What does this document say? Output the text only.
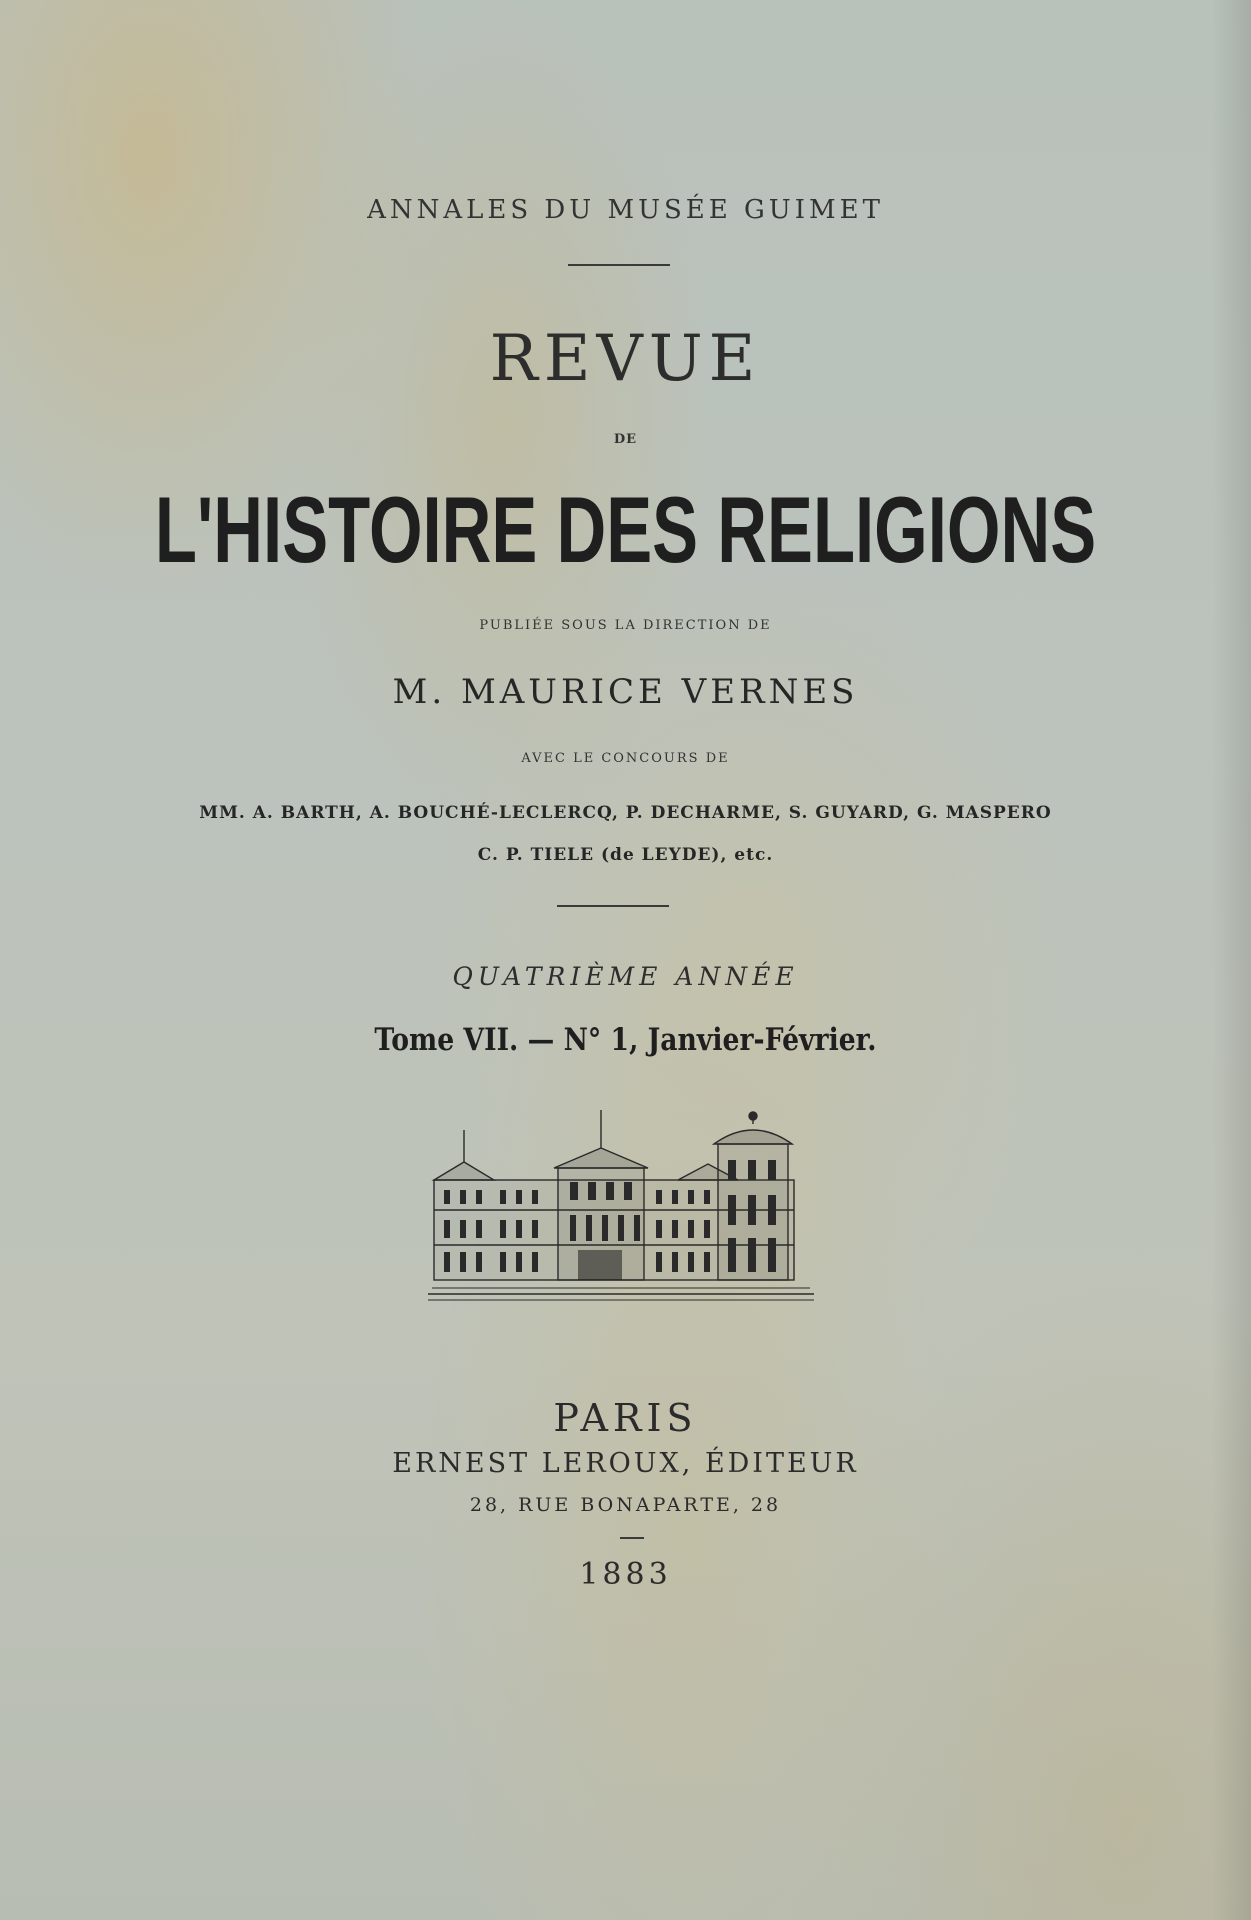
ANNALES DU MUSÉE GUIMET
REVUE
DE
L'HISTOIRE DES RELIGIONS
PUBLIÉE SOUS LA DIRECTION DE
M. MAURICE VERNES
AVEC LE CONCOURS DE
MM. A. BARTH, A. BOUCHÉ-LECLERCQ, P. DECHARME, S. GUYARD, G. MASPERO
C. P. TIELE (de LEYDE), etc.
QUATRIÈME ANNÉE
Tome VII. — N° 1, Janvier-Février.
PARIS
ERNEST LEROUX, ÉDITEUR
28, RUE BONAPARTE, 28
1883
